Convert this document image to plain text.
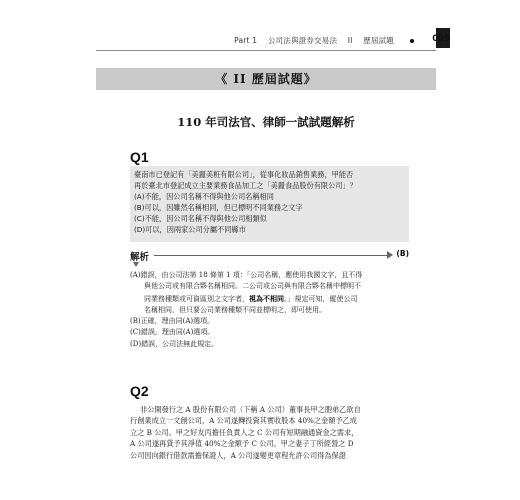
Part 1 公司法與證券交易法 II 歷屆試題	005
《 II 歷屆試題》
110 年司法官、律師一試試題解析
Q1

臺南市已登記有「美麗美粧有限公司」，從事化妝品銷售業務，甲能否

再於臺北市登記成立主要業務食品加工之「美麗食品股份有限公司」？

(A)不能，因公司名稱不得與他公司名稱相同

(B)可以，因雖然名稱相同，但已標明不同業務之文字

(C)不能，因公司名稱不得與他公司相類似

(D)可以，因兩家公司分屬不同縣市

解析	(B)

(A)錯誤，由公司法第 18 條第 1 項：「公司名稱，應使用我國文字，且不得

與他公司或有限合夥名稱相同。二公司或公司與有限合夥名稱中標明不

同業務種類或可資區別之文字者，視為不相同。」規定可知，縱使公司

名稱相同，但只要公司業務種類不同並標明之，即可使用。

(B)正確，理由同(A)選項。

(C)錯誤，理由同(A)選項。

(D)錯誤，公司法無此規定。

Q2

非公開發行之 A 股份有限公司（下稱 A 公司）董事長甲之胞弟乙欲自

行創業成立一文創公司，A 公司遂轉投資其實收股本 40%之金額予乙成

立之 B 公司。甲之好友丙擔任負責人之 C 公司有短期融通資金之需求，

A 公司遂再貸予其淨值 40%之金額予 C 公司。甲之妻子丁所經營之 D

公司因向銀行借款需擔保證人，A 公司遂變更章程允許公司得為保證
